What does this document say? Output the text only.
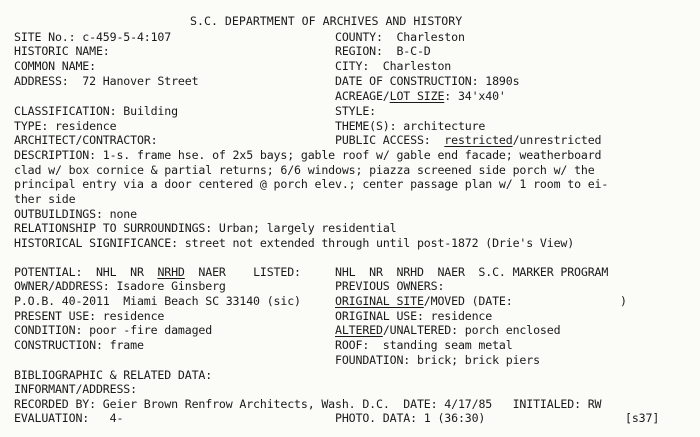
S.C. DEPARTMENT OF ARCHIVES AND HISTORY
SITE No.: c-459-5-4:107
HISTORIC NAME:
COMMON NAME:
ADDRESS:  72 Hanover Street
CLASSIFICATION: Building
TYPE: residence
ARCHITECT/CONTRACTOR:
COUNTY:  Charleston
REGION:  B-C-D
CITY:  Charleston
DATE OF CONSTRUCTION: 1890s
ACREAGE/LOT SIZE: 34'x40'
STYLE:
THEME(S): architecture
PUBLIC ACCESS:  restricted/unrestricted
DESCRIPTION: 1-s. frame hse. of 2x5 bays; gable roof w/ gable end facade; weatherboard
clad w/ box cornice & partial returns; 6/6 windows; piazza screened side porch w/ the
principal entry via a door centered @ porch elev.; center passage plan w/ 1 room to ei-
ther side
OUTBUILDINGS: none
RELATIONSHIP TO SURROUNDINGS: Urban; largely residential
HISTORICAL SIGNIFICANCE: street not extended through until post-1872 (Drie's View)
POTENTIAL:  NHL  NR  NRHD  NAER    LISTED:
OWNER/ADDRESS: Isadore Ginsberg
P.O.B. 40-2011  Miami Beach SC 33140 (sic)
PRESENT USE: residence
CONDITION: poor -fire damaged
CONSTRUCTION: frame
NHL  NR  NRHD  NAER  S.C. MARKER PROGRAM
PREVIOUS OWNERS:
ORIGINAL SITE/MOVED (DATE:	)
ORIGINAL USE: residence
ALTERED/UNALTERED: porch enclosed
ROOF:  standing seam metal
FOUNDATION: brick; brick piers
BIBLIOGRAPHIC & RELATED DATA:
INFORMANT/ADDRESS:
RECORDED BY: Geier Brown Renfrow Architects, Wash. D.C.  DATE: 4/17/85   INITIALED: RW
EVALUATION:   4-	PHOTO. DATA: 1 (36:30)	[s37]
